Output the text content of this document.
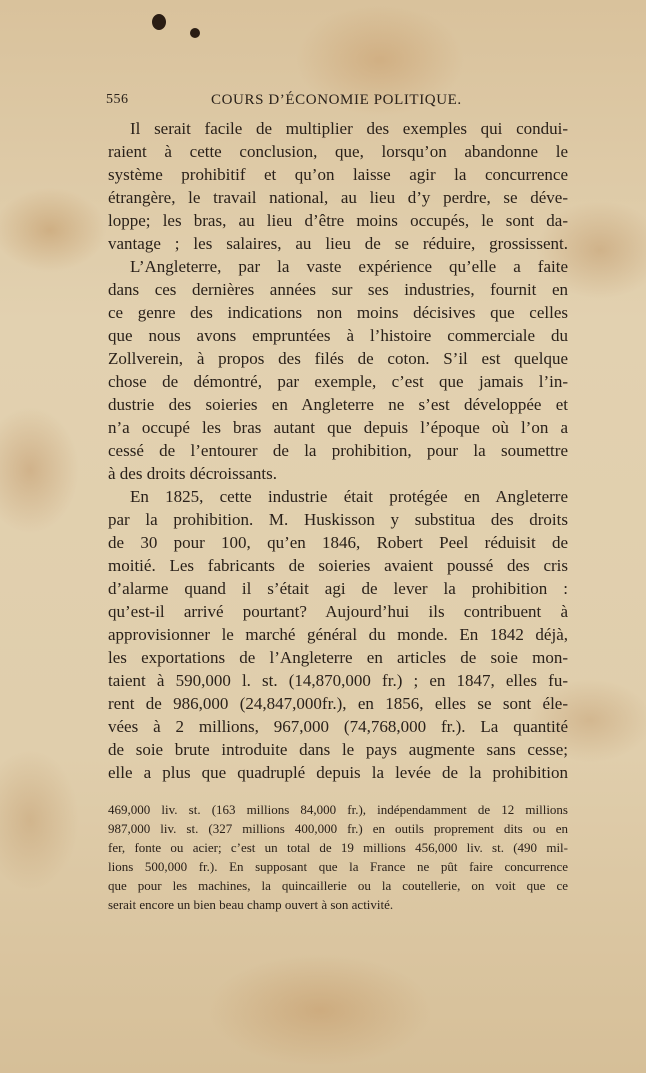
556	COURS D’ÉCONOMIE POLITIQUE.
Il serait facile de multiplier des exemples qui condui-
raient à cette conclusion, que, lorsqu’on abandonne le
système prohibitif et qu’on laisse agir la concurrence
étrangère, le travail national, au lieu d’y perdre, se déve-
loppe; les bras, au lieu d’être moins occupés, le sont da-
vantage ; les salaires, au lieu de se réduire, grossissent.
L’Angleterre, par la vaste expérience qu’elle a faite
dans ces dernières années sur ses industries, fournit en
ce genre des indications non moins décisives que celles
que nous avons empruntées à l’histoire commerciale du
Zollverein, à propos des filés de coton. S’il est quelque
chose de démontré, par exemple, c’est que jamais l’in-
dustrie des soieries en Angleterre ne s’est développée et
n’a occupé les bras autant que depuis l’époque où l’on a
cessé de l’entourer de la prohibition, pour la soumettre
à des droits décroissants.
En 1825, cette industrie était protégée en Angleterre
par la prohibition. M. Huskisson y substitua des droits
de 30 pour 100, qu’en 1846, Robert Peel réduisit de
moitié. Les fabricants de soieries avaient poussé des cris
d’alarme quand il s’était agi de lever la prohibition :
qu’est-il arrivé pourtant? Aujourd’hui ils contribuent à
approvisionner le marché général du monde. En 1842 déjà,
les exportations de l’Angleterre en articles de soie mon-
taient à 590,000 l. st. (14,870,000 fr.) ; en 1847, elles fu-
rent de 986,000 (24,847,000fr.), en 1856, elles se sont éle-
vées à 2 millions, 967,000 (74,768,000 fr.). La quantité
de soie brute introduite dans le pays augmente sans cesse;
elle a plus que quadruplé depuis la levée de la prohibition
469,000 liv. st. (163 millions 84,000 fr.), indépendamment de 12 millions
987,000 liv. st. (327 millions 400,000 fr.) en outils proprement dits ou en
fer, fonte ou acier; c’est un total de 19 millions 456,000 liv. st. (490 mil-
lions 500,000 fr.). En supposant que la France ne pût faire concurrence
que pour les machines, la quincaillerie ou la coutellerie, on voit que ce
serait encore un bien beau champ ouvert à son activité.
